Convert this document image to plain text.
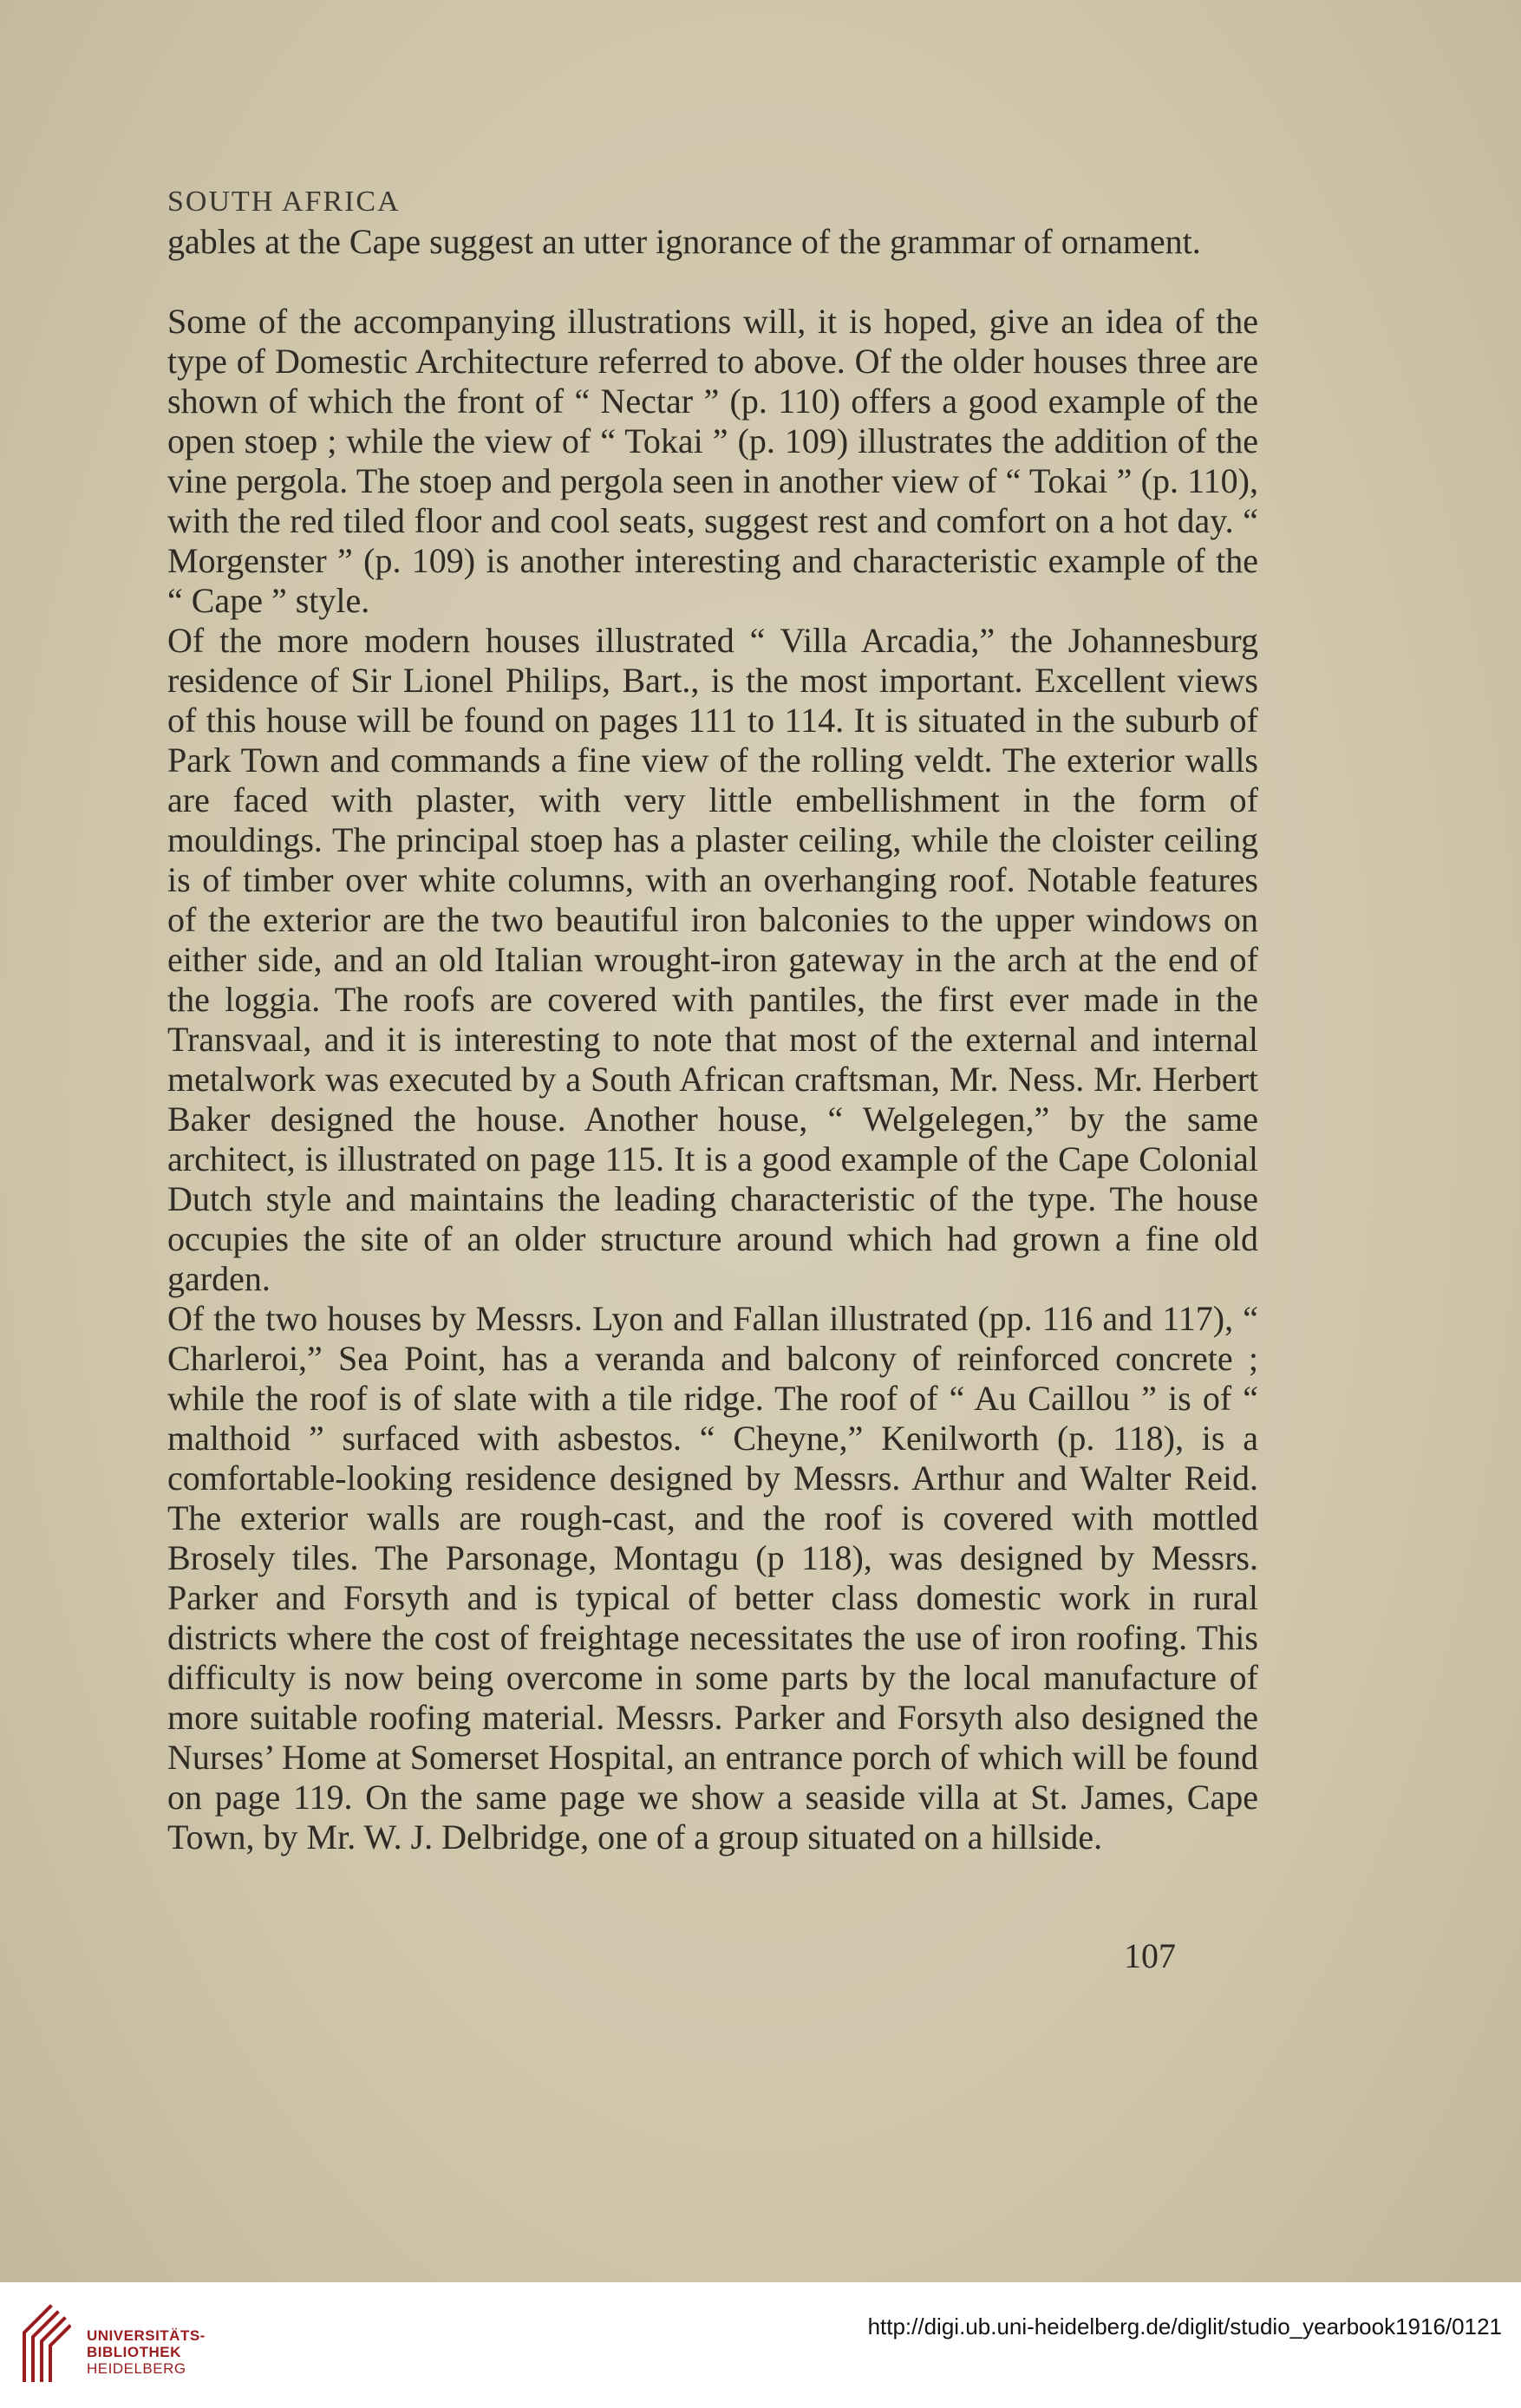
SOUTH AFRICA

gables at the Cape suggest an utter ignorance of the grammar of ornament.

Some of the accompanying illustrations will, it is hoped, give an idea of the type of Domestic Architecture referred to above. Of the older houses three are shown of which the front of “ Nectar ” (p. 110) offers a good example of the open stoep ; while the view of “ Tokai ” (p. 109) illustrates the addition of the vine pergola. The stoep and pergola seen in another view of “ Tokai ” (p. 110), with the red tiled floor and cool seats, suggest rest and comfort on a hot day. “ Morgenster ” (p. 109) is another interesting and characteristic example of the “ Cape ” style.

Of the more modern houses illustrated “ Villa Arcadia,” the Johannesburg residence of Sir Lionel Philips, Bart., is the most important. Excellent views of this house will be found on pages 111 to 114. It is situated in the suburb of Park Town and commands a fine view of the rolling veldt. The exterior walls are faced with plaster, with very little embellishment in the form of mouldings. The principal stoep has a plaster ceiling, while the cloister ceiling is of timber over white columns, with an overhanging roof. Notable features of the exterior are the two beautiful iron balconies to the upper windows on either side, and an old Italian wrought-iron gateway in the arch at the end of the loggia. The roofs are covered with pantiles, the first ever made in the Transvaal, and it is interesting to note that most of the external and internal metalwork was executed by a South African craftsman, Mr. Ness. Mr. Herbert Baker designed the house. Another house, “ Welgelegen,” by the same architect, is illustrated on page 115. It is a good example of the Cape Colonial Dutch style and maintains the leading characteristic of the type. The house occupies the site of an older structure around which had grown a fine old garden.

Of the two houses by Messrs. Lyon and Fallan illustrated (pp. 116 and 117), “ Charleroi,” Sea Point, has a veranda and balcony of reinforced concrete ; while the roof is of slate with a tile ridge. The roof of “ Au Caillou ” is of “ malthoid ” surfaced with asbestos. “ Cheyne,” Kenilworth (p. 118), is a comfortable-looking residence designed by Messrs. Arthur and Walter Reid. The exterior walls are rough-cast, and the roof is covered with mottled Brosely tiles. The Parsonage, Montagu (p 118), was designed by Messrs. Parker and Forsyth and is typical of better class domestic work in rural districts where the cost of freightage necessitates the use of iron roofing. This difficulty is now being overcome in some parts by the local manufacture of more suitable roofing material. Messrs. Parker and Forsyth also designed the Nurses’ Home at Somerset Hospital, an entrance porch of which will be found on page 119. On the same page we show a seaside villa at St. James, Cape Town, by Mr. W. J. Delbridge, one of a group situated on a hillside.

107
UNIVERSITÄTS-
BIBLIOTHEK
HEIDELBERG
http://digi.ub.uni-heidelberg.de/diglit/studio_yearbook1916/0121
